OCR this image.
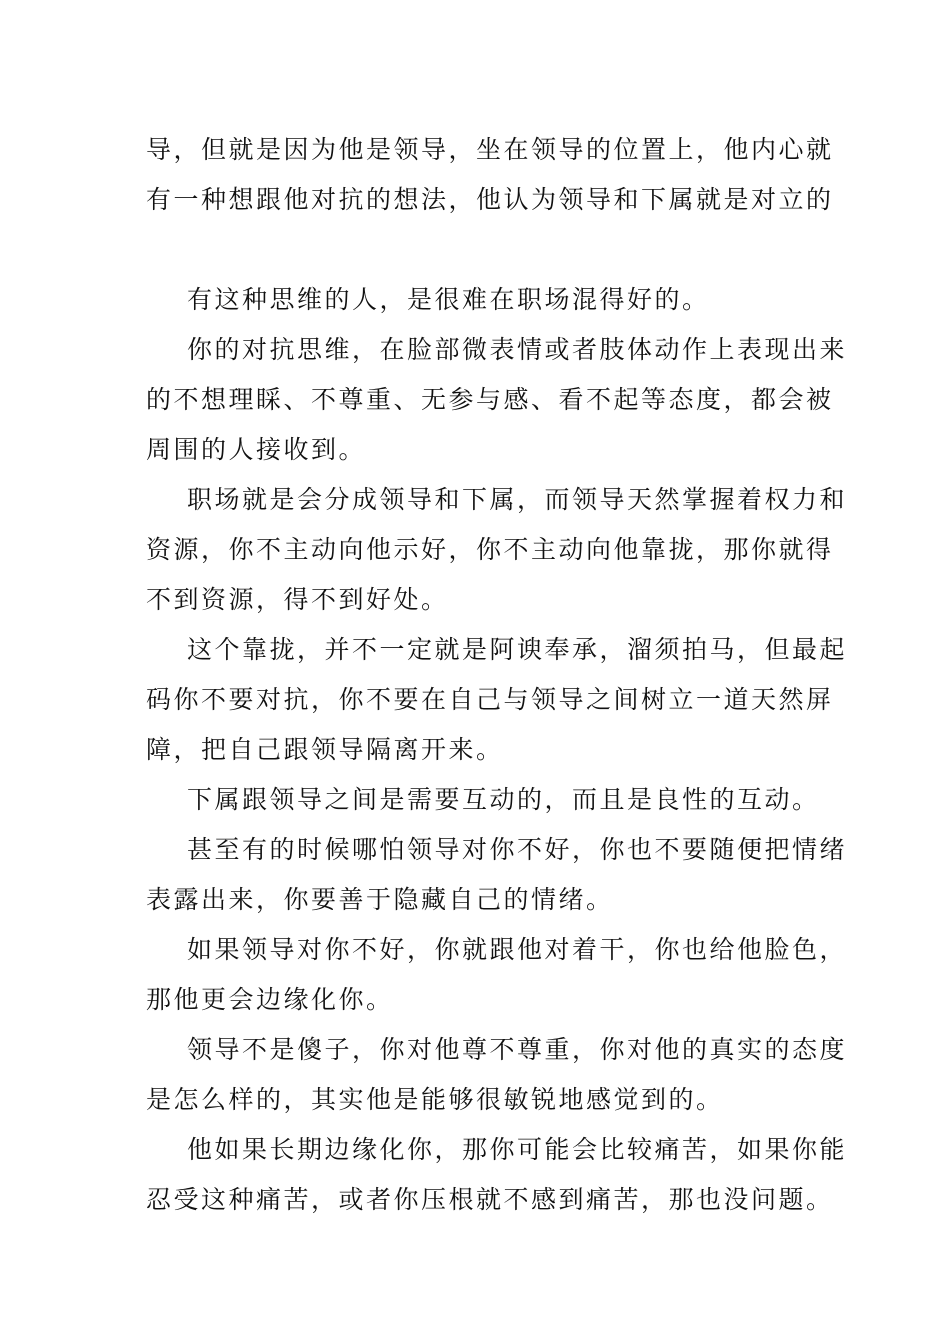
导，但就是因为他是领导，坐在领导的位置上，他内心就
有一种想跟他对抗的想法，他认为领导和下属就是对立的
有这种思维的人，是很难在职场混得好的。
你的对抗思维，在脸部微表情或者肢体动作上表现出来
的不想理睬、不尊重、无参与感、看不起等态度，都会被
周围的人接收到。
职场就是会分成领导和下属，而领导天然掌握着权力和
资源，你不主动向他示好，你不主动向他靠拢，那你就得
不到资源，得不到好处。
这个靠拢，并不一定就是阿谀奉承，溜须拍马，但最起
码你不要对抗，你不要在自己与领导之间树立一道天然屏
障，把自己跟领导隔离开来。
下属跟领导之间是需要互动的，而且是良性的互动。
甚至有的时候哪怕领导对你不好，你也不要随便把情绪
表露出来，你要善于隐藏自己的情绪。
如果领导对你不好，你就跟他对着干，你也给他脸色，
那他更会边缘化你。
领导不是傻子，你对他尊不尊重，你对他的真实的态度
是怎么样的，其实他是能够很敏锐地感觉到的。
他如果长期边缘化你，那你可能会比较痛苦，如果你能
忍受这种痛苦，或者你压根就不感到痛苦，那也没问题。
